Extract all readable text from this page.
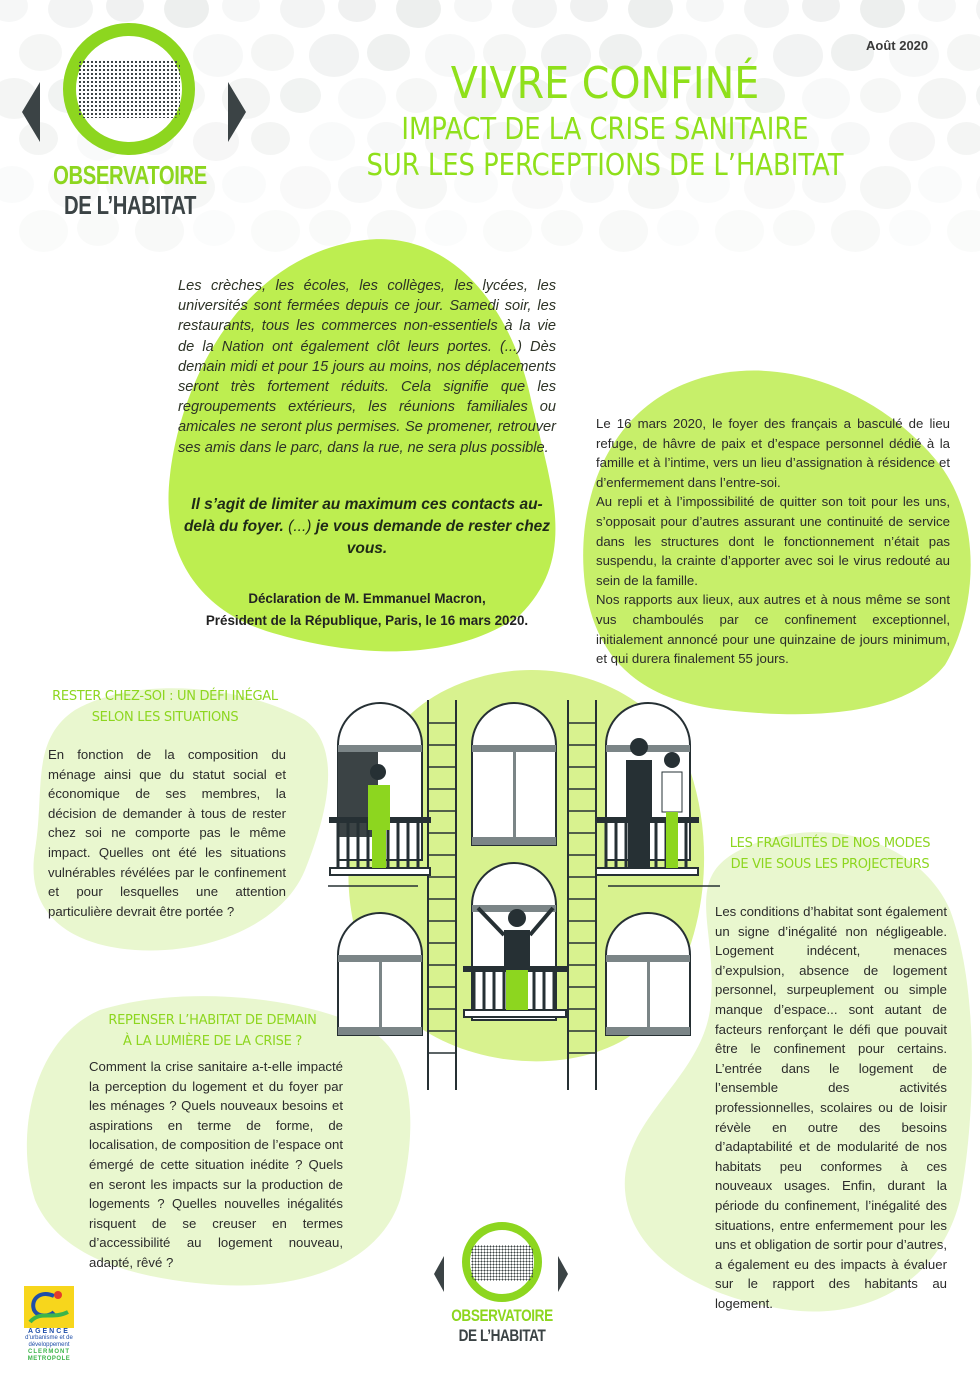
OBSERVATOIRE
DE L’HABITAT
Août 2020
VIVRE CONFINÉ
IMPACT DE LA CRISE SANITAIRE
SUR LES PERCEPTIONS DE L’HABITAT
Les crèches, les écoles, les collèges, les lycées, les universités sont fermées depuis ce jour. Samedi soir, les restaurants, tous les commerces non-essentiels à la vie de la Nation ont également clôt leurs portes. (...) Dès demain midi et pour 15 jours au moins, nos déplacements seront très fortement réduits. Cela signifie que les regroupements extérieurs, les réunions familiales ou amicales ne seront plus permises. Se promener, retrouver ses amis dans le parc, dans la rue, ne sera plus possible.
Il s’agit de limiter au maximum ces contacts au-delà du foyer. (...) je vous demande de rester chez vous.
Déclaration de M. Emmanuel Macron,
Président de la République, Paris, le 16 mars 2020.

Le 16 mars 2020, le foyer des français a basculé de lieu refuge, de hâvre de paix et d’espace personnel dédié à la famille et à l’intime, vers un lieu d’assignation à résidence et d’enfermement dans l’entre-soi.

Au repli et à l’impossibilité de quitter son toit pour les uns, s’opposait pour d’autres assurant une continuité de service dans les structures dont le fonctionnement n’était pas suspendu, la crainte d’apporter avec soi le virus redouté au sein de la famille.

Nos rapports aux lieux, aux autres et à nous même se sont vus chamboulés par ce confinement exceptionnel, initialement annoncé pour une quinzaine de jours minimum, et qui durera finalement 55 jours.

RESTER CHEZ-SOI : UN DÉFI INÉGAL
SELON LES SITUATIONS
En fonction de la composition du ménage ainsi que du statut social et économique de ses membres, la décision de demander à tous de rester chez soi ne comporte pas le même impact. Quelles ont été les situations vulnérables révélées par le confinement et pour lesquelles une attention particulière devrait être portée ?
LES FRAGILITÉS DE NOS MODES
DE VIE SOUS LES PROJECTEURS
Les conditions d’habitat sont également un signe d’inégalité non négligeable. Logement indécent, menaces d’expulsion, absence de logement personnel, surpeuplement ou simple manque d’espace... sont autant de facteurs renforçant le défi que pouvait être le confinement pour certains. L’entrée dans le logement de l’ensemble des activités professionnelles, scolaires ou de loisir révèle en outre des besoins d’adaptabilité et de modularité de nos habitats peu conformes à ces nouveaux usages. Enfin, durant la période du confinement, l’inégalité des situations, entre enfermement pour les uns et obligation de sortir pour d’autres, a également eu des impacts à évaluer sur le rapport des habitants au logement.
REPENSER L’HABITAT DE DEMAIN
À LA LUMIÈRE DE LA CRISE ?
Comment la crise sanitaire a-t-elle impacté la perception du logement et du foyer par les ménages ? Quels nouveaux besoins et aspirations en terme de forme, de localisation, de composition de l’espace ont émergé de cette situation inédite ? Quels en seront les impacts sur la production de logements ? Quelles nouvelles inégalités risquent de se creuser en termes d’accessibilité au logement nouveau, adapté, rêvé ?
OBSERVATOIRE
DE L’HABITAT
AGENCE
d’urbanisme et de
développement
CLERMONT
METROPOLE
